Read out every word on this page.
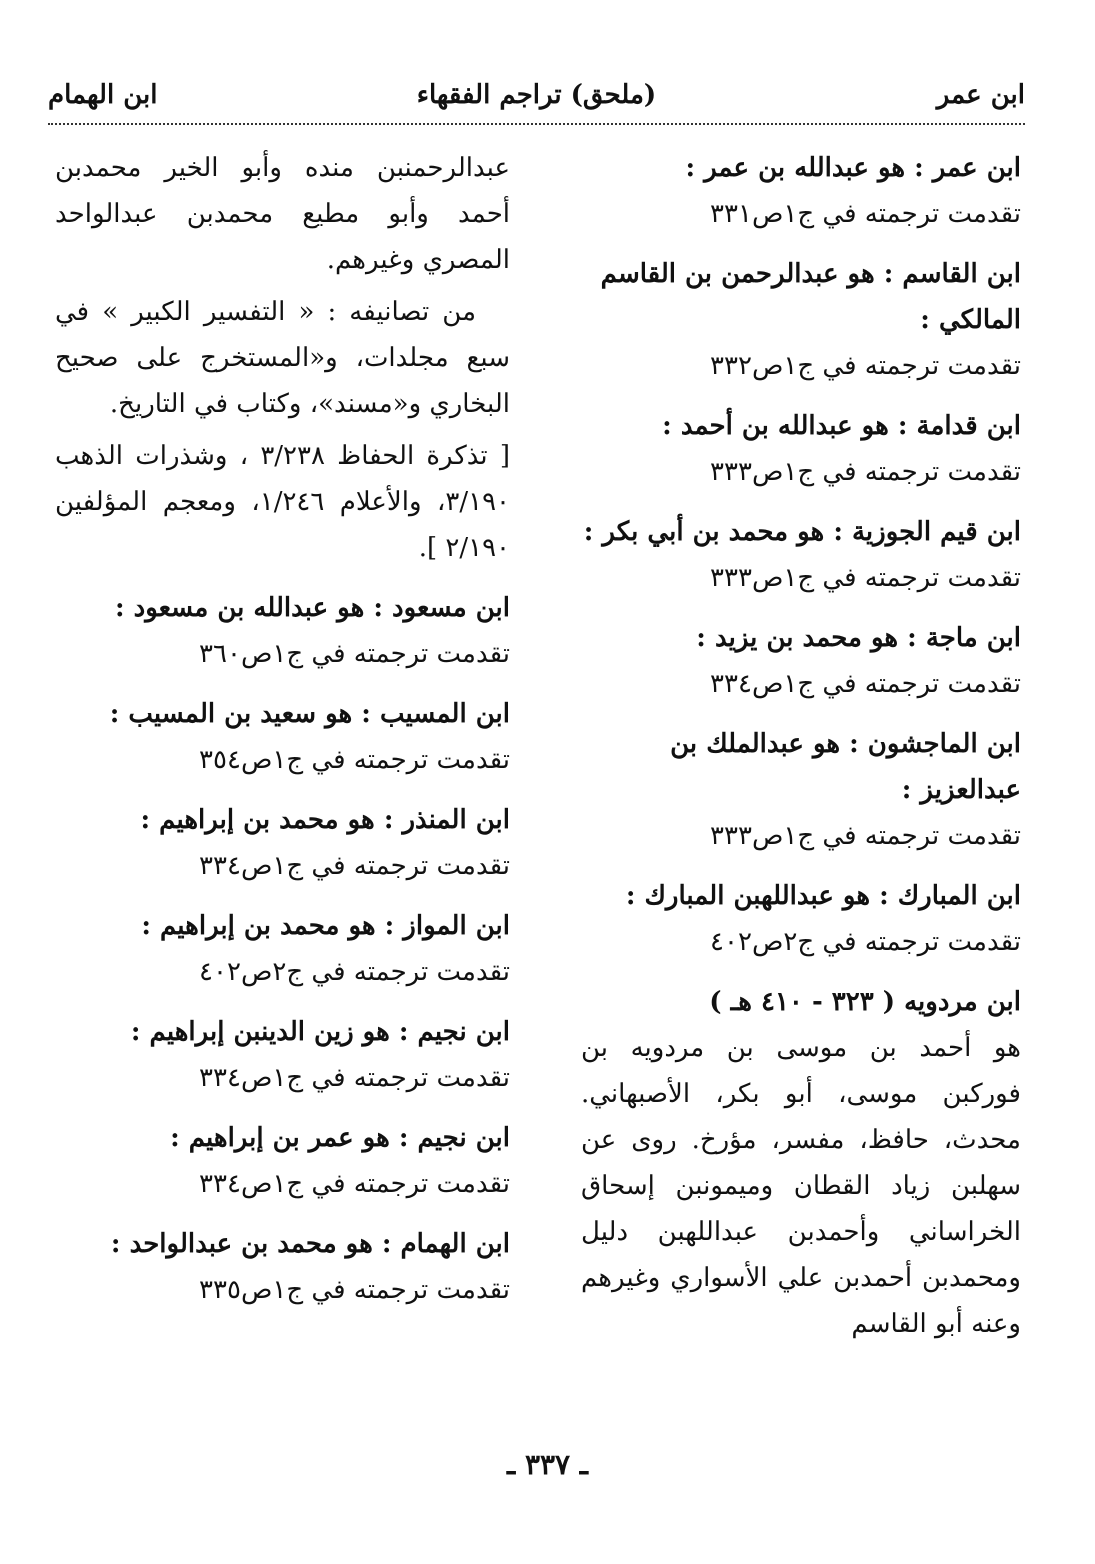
ابن عمر
(ملحق) تراجم الفقهاء
ابن الهمام
ابن عمر : هو عبدالله بن عمر :
تقدمت ترجمته في ج١ص٣٣١
ابن القاسم : هو عبدالرحمن بن القاسم المالكي :
تقدمت ترجمته في ج١ص٣٣٢
ابن قدامة : هو عبدالله بن أحمد :
تقدمت ترجمته في ج١ص٣٣٣
ابن قيم الجوزية : هو محمد بن أبي بكر :
تقدمت ترجمته في ج١ص٣٣٣
ابن ماجة : هو محمد بن يزيد :
تقدمت ترجمته في ج١ص٣٣٤
ابن الماجشون : هو عبدالملك بن عبدالعزيز :
تقدمت ترجمته في ج١ص٣٣٣
ابن المبارك : هو عبداللهبن المبارك :
تقدمت ترجمته في ج٢ص٤٠٢
ابن مردويه ( ٣٢٣ - ٤١٠ هـ )
هو أحمد بن موسى بن مردويه بن فوركبن موسى، أبو بكر، الأصبهاني. محدث، حافظ، مفسر، مؤرخ. روى عن سهلبن زياد القطان وميمونبن إسحاق الخراساني وأحمدبن عبداللهبن دليل ومحمدبن أحمدبن علي الأسواري وغيرهم وعنه أبو القاسم
عبدالرحمنبن منده وأبو الخير محمدبن أحمد وأبو مطيع محمدبن عبدالواحد المصري وغيرهم.
من تصانيفه : « التفسير الكبير » في سبع مجلدات، و«المستخرج على صحيح البخاري و«مسند»، وكتاب في التاريخ.
[ تذكرة الحفاظ ٣/٢٣٨ ، وشذرات الذهب ٣/١٩٠، والأعلام ١/٢٤٦، ومعجم المؤلفين ٢/١٩٠ ].
ابن مسعود : هو عبدالله بن مسعود :
تقدمت ترجمته في ج١ص٣٦٠
ابن المسيب : هو سعيد بن المسيب :
تقدمت ترجمته في ج١ص٣٥٤
ابن المنذر : هو محمد بن إبراهيم :
تقدمت ترجمته في ج١ص٣٣٤
ابن المواز : هو محمد بن إبراهيم :
تقدمت ترجمته في ج٢ص٤٠٢
ابن نجيم : هو زين الدينبن إبراهيم :
تقدمت ترجمته في ج١ص٣٣٤
ابن نجيم : هو عمر بن إبراهيم :
تقدمت ترجمته في ج١ص٣٣٤
ابن الهمام : هو محمد بن عبدالواحد :
تقدمت ترجمته في ج١ص٣٣٥
ـ ٣٣٧ ـ
